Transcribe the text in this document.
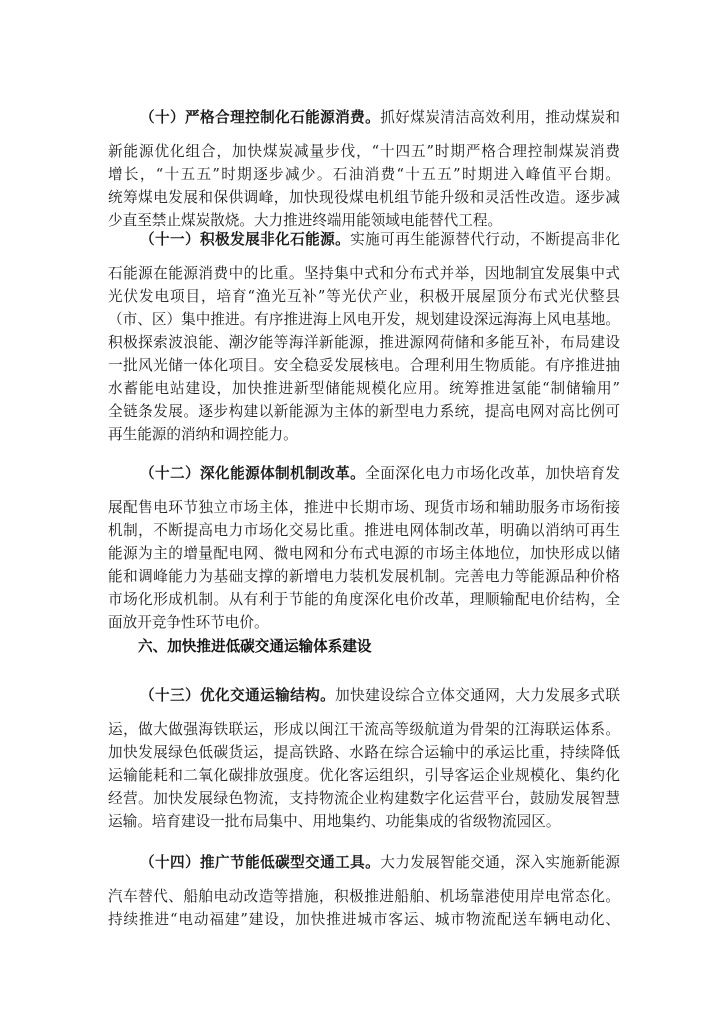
（十）严格合理控制化石能源消费。抓好煤炭清洁高效利用，推动煤炭和
新能源优化组合，加快煤炭减量步伐，“十四五”时期严格合理控制煤炭消费
增长，“十五五”时期逐步减少。石油消费“十五五”时期进入峰值平台期。
统筹煤电发展和保供调峰，加快现役煤电机组节能升级和灵活性改造。逐步减
少直至禁止煤炭散烧。大力推进终端用能领域电能替代工程。
（十一）积极发展非化石能源。实施可再生能源替代行动，不断提高非化
石能源在能源消费中的比重。坚持集中式和分布式并举，因地制宜发展集中式
光伏发电项目，培育“渔光互补”等光伏产业，积极开展屋顶分布式光伏整县
（市、区）集中推进。有序推进海上风电开发，规划建设深远海海上风电基地。
积极探索波浪能、潮汐能等海洋新能源，推进源网荷储和多能互补，布局建设
一批风光储一体化项目。安全稳妥发展核电。合理利用生物质能。有序推进抽
水蓄能电站建设，加快推进新型储能规模化应用。统筹推进氢能“制储输用”
全链条发展。逐步构建以新能源为主体的新型电力系统，提高电网对高比例可
再生能源的消纳和调控能力。
（十二）深化能源体制机制改革。全面深化电力市场化改革，加快培育发
展配售电环节独立市场主体，推进中长期市场、现货市场和辅助服务市场衔接
机制，不断提高电力市场化交易比重。推进电网体制改革，明确以消纳可再生
能源为主的增量配电网、微电网和分布式电源的市场主体地位，加快形成以储
能和调峰能力为基础支撑的新增电力装机发展机制。完善电力等能源品种价格
市场化形成机制。从有利于节能的角度深化电价改革，理顺输配电价结构，全
面放开竞争性环节电价。
六、加快推进低碳交通运输体系建设
（十三）优化交通运输结构。加快建设综合立体交通网，大力发展多式联
运，做大做强海铁联运，形成以闽江干流高等级航道为骨架的江海联运体系。
加快发展绿色低碳货运，提高铁路、水路在综合运输中的承运比重，持续降低
运输能耗和二氧化碳排放强度。优化客运组织，引导客运企业规模化、集约化
经营。加快发展绿色物流，支持物流企业构建数字化运营平台，鼓励发展智慧
运输。培育建设一批布局集中、用地集约、功能集成的省级物流园区。
（十四）推广节能低碳型交通工具。大力发展智能交通，深入实施新能源
汽车替代、船舶电动改造等措施，积极推进船舶、机场靠港使用岸电常态化。
持续推进“电动福建”建设，加快推进城市客运、城市物流配送车辆电动化、
